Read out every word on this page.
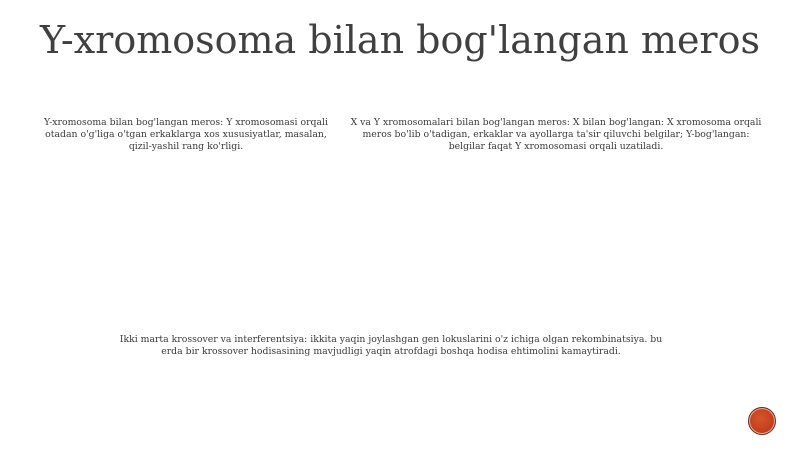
Y-xromosoma bilan bog'langan meros

Y-xromosoma bilan bog'langan meros: Y xromosomasi orqali otadan o'g'liga o'tgan erkaklarga xos xususiyatlar, masalan, qizil-yashil rang ko'rligi.

X va Y xromosomalari bilan bog'langan meros: X bilan bog'langan: X xromosoma orqali meros bo'lib o'tadigan, erkaklar va ayollarga ta'sir qiluvchi belgilar; Y-bog'langan: belgilar faqat Y xromosomasi orqali uzatiladi.

Ikki marta krossover va interferentsiya: ikkita yaqin joylashgan gen lokuslarini o'z ichiga olgan rekombinatsiya. bu erda bir krossover hodisasining mavjudligi yaqin atrofdagi boshqa hodisa ehtimolini kamaytiradi.
